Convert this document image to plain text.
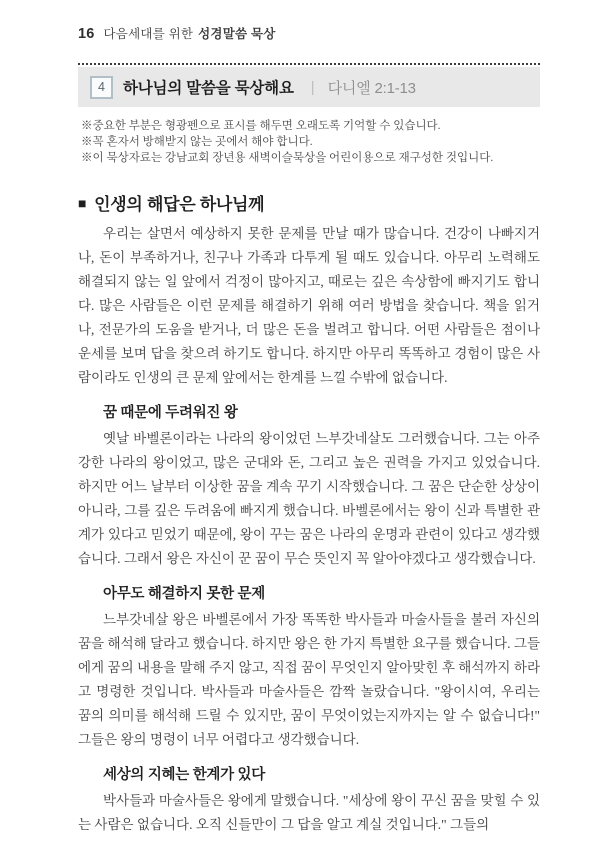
16 다음세대를 위한 성경말씀 묵상
4	하나님의 말씀을 묵상해요 | 다니엘 2:1-13
※중요한 부분은 형광펜으로 표시를 해두면 오래도록 기억할 수 있습니다.
※꼭 혼자서 방해받지 않는 곳에서 해야 합니다.
※이 묵상자료는 강남교회 장년용 새벽이슬묵상을 어린이용으로 재구성한 것입니다.
■ 인생의 해답은 하나님께

우리는 살면서 예상하지 못한 문제를 만날 때가 많습니다. 건강이 나빠지거나, 돈이 부족하거나, 친구나 가족과 다투게 될 때도 있습니다. 아무리 노력해도 해결되지 않는 일 앞에서 걱정이 많아지고, 때로는 깊은 속상함에 빠지기도 합니다. 많은 사람들은 이런 문제를 해결하기 위해 여러 방법을 찾습니다. 책을 읽거나, 전문가의 도움을 받거나, 더 많은 돈을 벌려고 합니다. 어떤 사람들은 점이나 운세를 보며 답을 찾으려 하기도 합니다. 하지만 아무리 똑똑하고 경험이 많은 사람이라도 인생의 큰 문제 앞에서는 한계를 느낄 수밖에 없습니다.

꿈 때문에 두려워진 왕

옛날 바벨론이라는 나라의 왕이었던 느부갓네살도 그러했습니다. 그는 아주 강한 나라의 왕이었고, 많은 군대와 돈, 그리고 높은 권력을 가지고 있었습니다. 하지만 어느 날부터 이상한 꿈을 계속 꾸기 시작했습니다. 그 꿈은 단순한 상상이 아니라, 그를 깊은 두려움에 빠지게 했습니다. 바벨론에서는 왕이 신과 특별한 관계가 있다고 믿었기 때문에, 왕이 꾸는 꿈은 나라의 운명과 관련이 있다고 생각했습니다. 그래서 왕은 자신이 꾼 꿈이 무슨 뜻인지 꼭 알아야겠다고 생각했습니다.

아무도 해결하지 못한 문제

느부갓네살 왕은 바벨론에서 가장 똑똑한 박사들과 마술사들을 불러 자신의 꿈을 해석해 달라고 했습니다. 하지만 왕은 한 가지 특별한 요구를 했습니다. 그들에게 꿈의 내용을 말해 주지 않고, 직접 꿈이 무엇인지 알아맞힌 후 해석까지 하라고 명령한 것입니다. 박사들과 마술사들은 깜짝 놀랐습니다. "왕이시여, 우리는 꿈의 의미를 해석해 드릴 수 있지만, 꿈이 무엇이었는지까지는 알 수 없습니다!" 그들은 왕의 명령이 너무 어렵다고 생각했습니다.

세상의 지혜는 한계가 있다

박사들과 마술사들은 왕에게 말했습니다. "세상에 왕이 꾸신 꿈을 맞힐 수 있는 사람은 없습니다. 오직 신들만이 그 답을 알고 계실 것입니다." 그들의
